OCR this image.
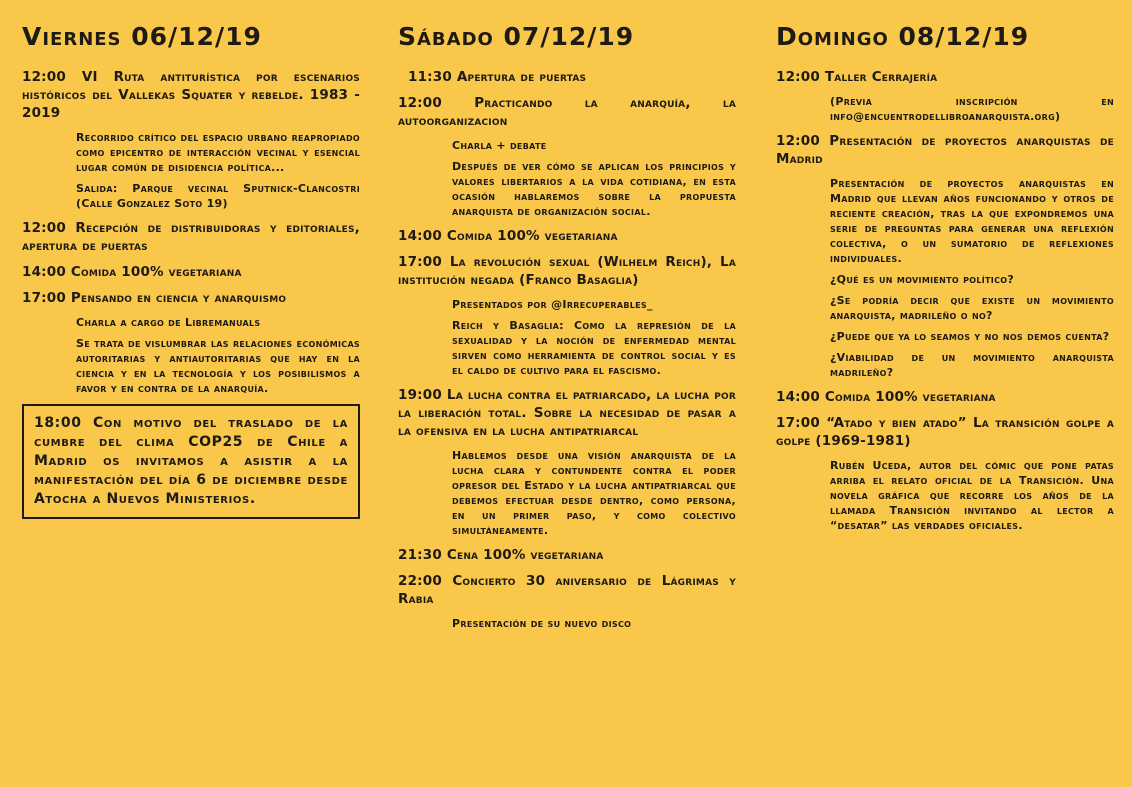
Viernes 06/12/19
12:00 VI Ruta antiturística por escenarios históricos del Vallekas Squater y rebelde. 1983 - 2019
Recorrido crítico del espacio urbano reapropiado como epicentro de interacción vecinal y esencial lugar común de disidencia política...
Salida: Parque vecinal Sputnick-Clancostri (Calle Gonzalez Soto 19)
12:00 Recepción de distribuidoras y editoriales, apertura de puertas
14:00 Comida 100% vegetariana
17:00 Pensando en ciencia y anarquismo
Charla a cargo de Libremanuals
Se trata de vislumbrar las relaciones económicas autoritarias y antiautoritarias que hay en la ciencia y en la tecnología y los posibilismos a favor y en contra de la anarquía.
18:00 Con motivo del traslado de la cumbre del clima COP25 de Chile a Madrid os invitamos a asistir a la manifestación del día 6 de diciembre desde Atocha a Nuevos Ministerios.
Sábado 07/12/19
11:30 Apertura de puertas
12:00 Practicando la anarquía, la autoorganizacion
Charla + debate
Después de ver cómo se aplican los principios y valores libertarios a la vida cotidiana, en esta ocasión hablaremos sobre la propuesta anarquista de organización social.
14:00 Comida 100% vegetariana
17:00 La revolución sexual (Wilhelm Reich), La institución negada (Franco Basaglia)
Presentados por @Irrecuperables_
Reich y Basaglia: Como la represión de la sexualidad y la noción de enfermedad mental sirven como herramienta de control social y es el caldo de cultivo para el fascismo.
19:00 La lucha contra el patriarcado, la lucha por la liberación total. Sobre la necesidad de pasar a la ofensiva en la lucha antipatriarcal
Hablemos desde una visión anarquista de la lucha clara y contundente contra el poder opresor del Estado y la lucha antipatriarcal que debemos efectuar desde dentro, como persona, en un primer paso, y como colectivo simultáneamente.
21:30 Cena 100% vegetariana
22:00 Concierto 30 aniversario de Lágrimas y Rabia
Presentación de su nuevo disco
Domingo 08/12/19
12:00 Taller Cerrajería
(Previa inscripción en info@encuentrodellibroanarquista.org)
12:00 Presentación de proyectos anarquistas de Madrid
Presentación de proyectos anarquistas en Madrid que llevan años funcionando y otros de reciente creación, tras la que expondremos una serie de preguntas para generar una reflexión colectiva, o un sumatorio de reflexiones individuales.
¿Qué es un movimiento político?
¿Se podría decir que existe un movimiento anarquista, madrileño o no?
¿Puede que ya lo seamos y no nos demos cuenta?
¿Viabilidad de un movimiento anarquista madrileño?
14:00 Comida 100% vegetariana
17:00 “Atado y bien atado” La transición golpe a golpe (1969-1981)
Rubén Uceda, autor del cómic que pone patas arriba el relato oficial de la Transición. Una novela gráfica que recorre los años de la llamada Transición invitando al lector a “desatar” las verdades oficiales.
